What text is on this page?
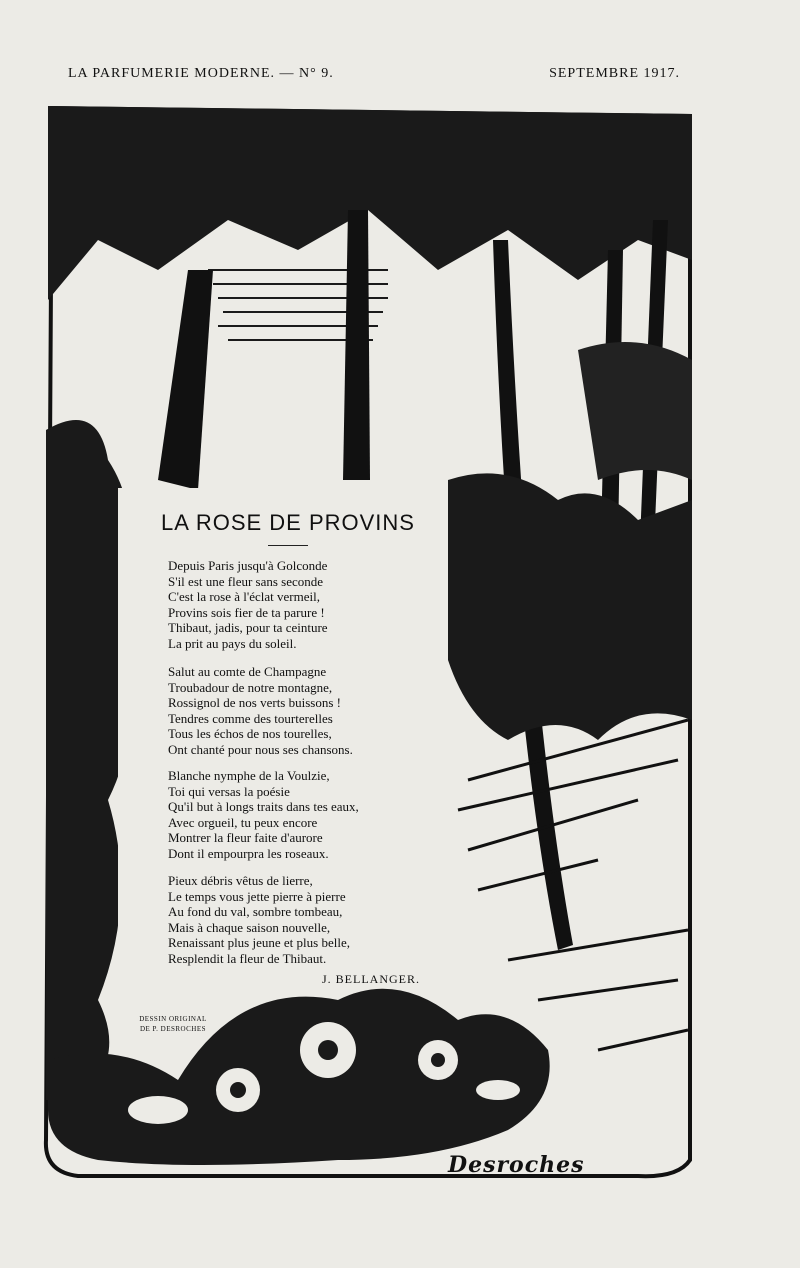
LA PARFUMERIE MODERNE. — N° 9.	SEPTEMBRE 1917.
LA ROSE DE PROVINS
Depuis Paris jusqu'à Golconde
S'il est une fleur sans seconde
C'est la rose à l'éclat vermeil,
Provins sois fier de ta parure !
Thibaut, jadis, pour ta ceinture
La prit au pays du soleil.
Salut au comte de Champagne
Troubadour de notre montagne,
Rossignol de nos verts buissons !
Tendres comme des tourterelles
Tous les échos de nos tourelles,
Ont chanté pour nous ses chansons.
Blanche nymphe de la Voulzie,
Toi qui versas la poésie
Qu'il but à longs traits dans tes eaux,
Avec orgueil, tu peux encore
Montrer la fleur faite d'aurore
Dont il empourpra les roseaux.
Pieux débris vêtus de lierre,
Le temps vous jette pierre à pierre
Au fond du val, sombre tombeau,
Mais à chaque saison nouvelle,
Renaissant plus jeune et plus belle,
Resplendit la fleur de Thibaut.
J. BELLANGER.
DESSIN ORIGINAL
DE P. DESROCHES
Desroches
